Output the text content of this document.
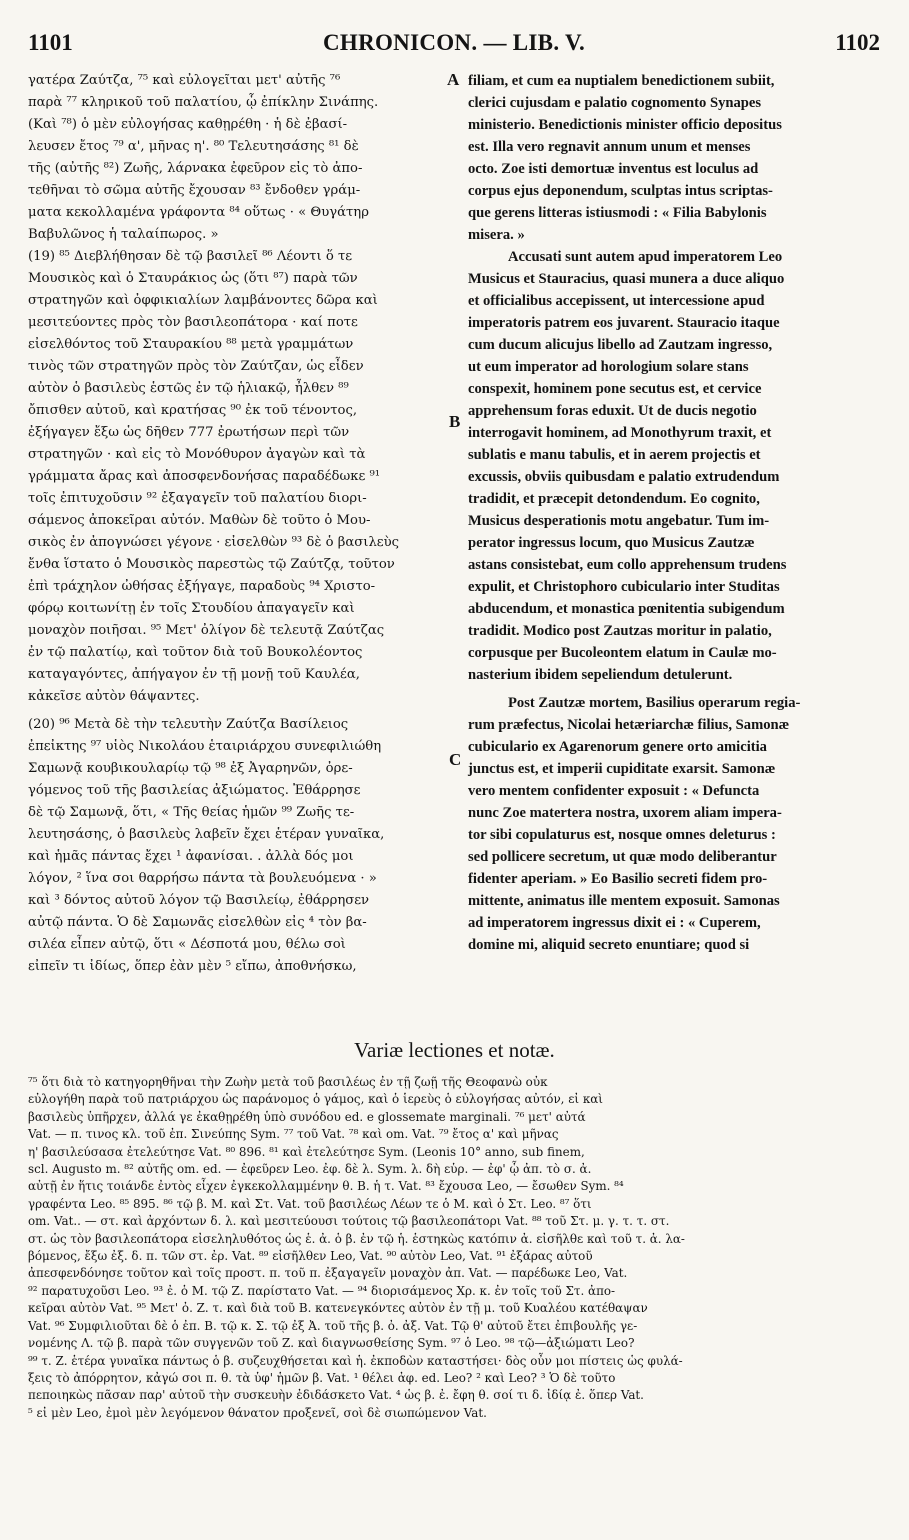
1101	CHRONICON. — LIB. V.	1102

γατέρα Ζαύτζα, ⁷⁵ καὶ εὐλογεῖται μετ' αὐτῆς ⁷⁶
παρὰ ⁷⁷ κληρικοῦ τοῦ παλατίου, ᾧ ἐπίκλην Σινάπης.
(Καὶ ⁷⁸) ὁ μὲν εὐλογήσας καθῃρέθη · ἡ δὲ ἐβασί-
λευσεν ἔτος ⁷⁹ α', μῆνας η'. ⁸⁰ Τελευτησάσης ⁸¹ δὲ
τῆς (αὐτῆς ⁸²) Ζωῆς, λάρνακα ἐφεῦρον εἰς τὸ ἀπο-
τεθῆναι τὸ σῶμα αὐτῆς ἔχουσαν ⁸³ ἔνδοθεν γράμ-
ματα κεκολλαμένα γράφοντα ⁸⁴ οὕτως · « Θυγάτηρ
Βαβυλῶνος ἡ ταλαίπωρος. »

(19) ⁸⁵ Διεβλήθησαν δὲ τῷ βασιλεῖ ⁸⁶ Λέοντι ὅ τε
Μουσικὸς καὶ ὁ Σταυράκιος ὡς (ὅτι ⁸⁷) παρὰ τῶν
στρατηγῶν καὶ ὀφφικιαλίων λαμβάνοντες δῶρα καὶ
μεσιτεύοντες πρὸς τὸν βασιλεοπάτορα · καί ποτε
εἰσελθόντος τοῦ Σταυρακίου ⁸⁸ μετὰ γραμμάτων
τινὸς τῶν στρατηγῶν πρὸς τὸν Ζαύτζαν, ὡς εἶδεν
αὐτὸν ὁ βασιλεὺς ἑστῶς ἐν τῷ ἡλιακῷ, ἦλθεν ⁸⁹
ὄπισθεν αὐτοῦ, καὶ κρατήσας ⁹⁰ ἐκ τοῦ τένοντος,
ἐξήγαγεν ἔξω ὡς δῆθεν 777 ἐρωτήσων περὶ τῶν
στρατηγῶν · καὶ εἰς τὸ Μονόθυρον ἀγαγὼν καὶ τὰ
γράμματα ἄρας καὶ ἀποσφενδονήσας παραδέδωκε ⁹¹
τοῖς ἐπιτυχοῦσιν ⁹² ἐξαγαγεῖν τοῦ παλατίου διορι-
σάμενος ἀποκεῖραι αὐτόν. Μαθὼν δὲ τοῦτο ὁ Μου-
σικὸς ἐν ἀπογνώσει γέγονε · εἰσελθὼν ⁹³ δὲ ὁ βασιλεὺς
ἔνθα ἵστατο ὁ Μουσικὸς παρεστὼς τῷ Ζαύτζᾳ, τοῦτον
ἐπὶ τράχηλον ὠθήσας ἐξήγαγε, παραδοὺς ⁹⁴ Χριστο-
φόρῳ κοιτωνίτῃ ἐν τοῖς Στουδίου ἀπαγαγεῖν καὶ
μοναχὸν ποιῆσαι. ⁹⁵ Μετ' ὀλίγον δὲ τελευτᾷ Ζαύτζας
ἐν τῷ παλατίῳ, καὶ τοῦτον διὰ τοῦ Βουκολέοντος
καταγαγόντες, ἀπήγαγον ἐν τῇ μονῇ τοῦ Καυλέα,
κἀκεῖσε αὐτὸν θάψαντες.

(20) ⁹⁶ Μετὰ δὲ τὴν τελευτὴν Ζαύτζα Βασίλειος
ἐπεἰκτης ⁹⁷ υἱὸς Νικολάου ἑταιριάρχου συνεφιλιώθη
Σαμωνᾷ κουβικουλαρίῳ τῷ ⁹⁸ ἐξ Ἀγαρηνῶν, ὀρε-
γόμενος τοῦ τῆς βασιλείας ἀξιώματος. Ἐθάρρησε
δὲ τῷ Σαμωνᾷ, ὅτι, « Τῆς θείας ἡμῶν ⁹⁹ Ζωῆς τε-
λευτησάσης, ὁ βασιλεὺς λαβεῖν ἔχει ἑτέραν γυναῖκα,
καὶ ἡμᾶς πάντας ἔχει ¹ ἀφανίσαι. . ἀλλὰ δός μοι
λόγον, ² ἵνα σοι θαρρήσω πάντα τὰ βουλευόμενα · »
καὶ ³ δόντος αὐτοῦ λόγον τῷ Βασιλείῳ, ἐθάρρησεν
αὐτῷ πάντα. Ὁ δὲ Σαμωνᾶς εἰσελθὼν εἰς ⁴ τὸν βα-
σιλέα εἶπεν αὐτῷ, ὅτι « Δέσποτά μου, θέλω σοὶ
εἰπεῖν τι ἰδίως, ὅπερ ἐὰν μὲν ⁵ εἴπω, ἀποθνήσκω,

A
B
C

filiam, et cum ea nuptialem benedictionem subiit,
clerici cujusdam e palatio cognomento Synapes
ministerio. Benedictionis minister officio depositus
est. Illa vero regnavit annum unum et menses
octo. Zoe isti demortuæ inventus est loculus ad
corpus ejus deponendum, sculptas intus scriptas-
que gerens litteras istiusmodi : « Filia Babylonis
misera. »

Accusati sunt autem apud imperatorem Leo
Musicus et Stauracius, quasi munera a duce aliquo
et officialibus accepissent, ut intercessione apud
imperatoris patrem eos juvarent. Stauracio itaque
cum ducum alicujus libello ad Zautzam ingresso,
ut eum imperator ad horologium solare stans
conspexit, hominem pone secutus est, et cervice
apprehensum foras eduxit. Ut de ducis negotio
interrogavit hominem, ad Monothyrum traxit, et
sublatis e manu tabulis, et in aerem projectis et
excussis, obviis quibusdam e palatio extrudendum
tradidit, et præcepit detondendum. Eo cognito,
Musicus desperationis motu angebatur. Tum im-
perator ingressus locum, quo Musicus Zautzæ
astans consistebat, eum collo apprehensum trudens
expulit, et Christophoro cubiculario inter Studitas
abducendum, et monastica pœnitentia subigendum
tradidit. Modico post Zautzas moritur in palatio,
corpusque per Bucoleontem elatum in Caulæ mo-
nasterium ibidem sepeliendum detulerunt.

Post Zautzæ mortem, Basilius operarum regia-
rum præfectus, Nicolai hetæriarchæ filius, Samonæ
cubiculario ex Agarenorum genere orto amicitia
junctus est, et imperii cupiditate exarsit. Samonæ
vero mentem confidenter exposuit : « Defuncta
nunc Zoe matertera nostra, uxorem aliam impera-
tor sibi copulaturus est, nosque omnes deleturus :
sed pollicere secretum, ut quæ modo deliberantur
fidenter aperiam. » Eo Basilio secreti fidem pro-
mittente, animatus ille mentem exposuit. Samonas
ad imperatorem ingressus dixit ei : « Cuperem,
domine mi, aliquid secreto enuntiare; quod si

Variæ lectiones et notæ.

⁷⁵ ὅτι διὰ τὸ κατηγορηθῆναι τὴν Ζωὴν μετὰ τοῦ βασιλέως ἐν τῇ ζωῇ τῆς Θεοφανὼ οὐκ
εὐλογήθη παρὰ τοῦ πατριάρχου ὡς παράνομος ὁ γάμος, καὶ ὁ ἱερεὺς ὁ εὐλογήσας αὐτόν, εἰ καὶ
βασιλεὺς ὑπῆρχεν, ἀλλά γε ἐκαθῃρέθη ὑπὸ συνόδου ed. e glossemate marginali. ⁷⁶ μετ' αὐτά
Vat. — π. τινος κλ. τοῦ ἐπ. Σινεύπης Sym. ⁷⁷ τοῦ Vat. ⁷⁸ καὶ om. Vat. ⁷⁹ ἔτος α' καὶ μῆνας
η' βασιλεύσασα ἐτελεύτησε Vat. ⁸⁰ 896. ⁸¹ καὶ ἐτελεύτησε Sym. (Leonis 10° anno, sub finem,
scl. Augusto m. ⁸² αὐτῆς om. ed. — ἐφεῦρεν Leo. ἐφ. δὲ λ. Sym. λ. δὴ εὑρ. — ἐφ' ᾧ ἀπ. τὸ σ. ἀ.
αὐτῇ ἐν ἥτις τοιάνδε ἐντὸς εἶχεν ἐγκεκολλαμμένην θ. Β. ἡ τ. Vat. ⁸³ ἔχουσα Leo, — ἔσωθεν Sym. ⁸⁴
γραφέντα Leo. ⁸⁵ 895. ⁸⁶ τῷ β. Μ. καὶ Στ. Vat. τοῦ βασιλέως Λέων τε ὁ Μ. καὶ ὁ Στ. Leo. ⁸⁷ ὅτι
om. Vat.. — στ. καὶ ἀρχόντων δ. λ. καὶ μεσιτεύουσι τούτοις τῷ βασιλεοπάτορι Vat. ⁸⁸ τοῦ Στ. μ. γ. τ. τ. στ.
στ. ὡς τὸν βασιλεοπάτορα εἰσεληλυθότος ὡς ἑ. ἀ. ὁ β. ἐν τῷ ἡ. ἑστηκὼς κατόπιν ἀ. εἰσῆλθε καὶ τοῦ τ. ἀ. λα-
βόμενος, ἔξω ἐξ. δ. π. τῶν στ. ἐρ. Vat. ⁸⁹ εἰσῆλθεν Leo, Vat. ⁹⁰ αὐτὸν Leo, Vat. ⁹¹ ἐξάρας αὐτοῦ
ἀπεσφενδόνησε τοῦτον καὶ τοῖς προστ. π. τοῦ π. ἐξαγαγεῖν μοναχὸν ἀπ. Vat. — παρέδωκε Leo, Vat.
⁹² παρατυχοῦσι Leo. ⁹³ ἐ. ὁ Μ. τῷ Ζ. παρίστατο Vat. — ⁹⁴ διορισάμενος Χρ. κ. ἐν τοῖς τοῦ Στ. ἀπο-
κεῖραι αὐτὸν Vat. ⁹⁵ Μετ' ὀ. Ζ. τ. καὶ διὰ τοῦ Β. κατενεγκόντες αὐτὸν ἐν τῇ μ. τοῦ Κυαλέου κατέθαψαν
Vat. ⁹⁶ Συμφιλιοῦται δὲ ὁ ἐπ. Β. τῷ κ. Σ. τῷ ἐξ Ἀ. τοῦ τῆς β. ὀ. ἀξ. Vat. Τῷ θ' αὐτοῦ ἔτει ἐπιβουλῆς γε-
νομένης Λ. τῷ β. παρὰ τῶν συγγενῶν τοῦ Ζ. καὶ διαγνωσθείσης Sym. ⁹⁷ ὁ Leo. ⁹⁸ τῷ—ἀξιώματι Leo?
⁹⁹ τ. Ζ. ἑτέρα γυναῖκα πάντως ὁ β. συζευχθήσεται καὶ ἡ. ἐκποδὼν καταστήσει· δὸς οὖν μοι πίστεις ὡς φυλά-
ξεις τὸ ἀπόρρητον, κἀγώ σοι π. θ. τὰ ὑφ' ἡμῶν β. Vat. ¹ θέλει ἀφ. ed. Leo? ² καὶ Leo? ³ Ὁ δὲ τοῦτο
πεποιηκὼς πᾶσαν παρ' αὐτοῦ τὴν συσκευὴν ἐδιδάσκετο Vat. ⁴ ὡς β. ἐ. ἔφη θ. σοί τι δ. ἰδίᾳ ἐ. ὅπερ Vat.
⁵ εἰ μὲν Leo, ἐμοὶ μὲν λεγόμενον θάνατον προξενεῖ, σοὶ δὲ σιωπώμενον Vat.
